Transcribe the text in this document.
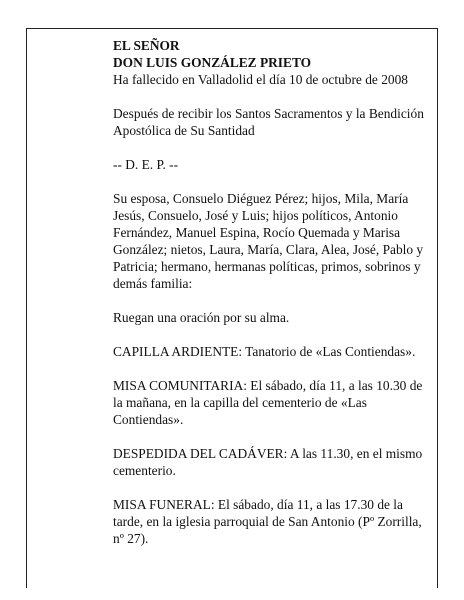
EL SEÑOR

DON LUIS GONZÁLEZ PRIETO

Ha fallecido en Valladolid el día 10 de octubre de 2008

Después de recibir los Santos Sacramentos y la Bendición Apostólica de Su Santidad

-- D. E. P. --

Su esposa, Consuelo Diéguez Pérez; hijos, Mila, María Jesús, Consuelo, José y Luis; hijos políticos, Antonio Fernández, Manuel Espina, Rocío Quemada y Marisa González; nietos, Laura, María, Clara, Alea, José, Pablo y Patricia; hermano, hermanas políticas, primos, sobrinos y demás familia:

Ruegan una oración por su alma.

CAPILLA ARDIENTE: Tanatorio de «Las Contiendas».

MISA COMUNITARIA: El sábado, día 11, a las 10.30 de la mañana, en la capilla del cementerio de «Las Contiendas».

DESPEDIDA DEL CADÁVER: A las 11.30, en el mismo cementerio.

MISA FUNERAL: El sábado, día 11, a las 17.30 de la tarde, en la iglesia parroquial de San Antonio (Pº Zorrilla, nº 27).
